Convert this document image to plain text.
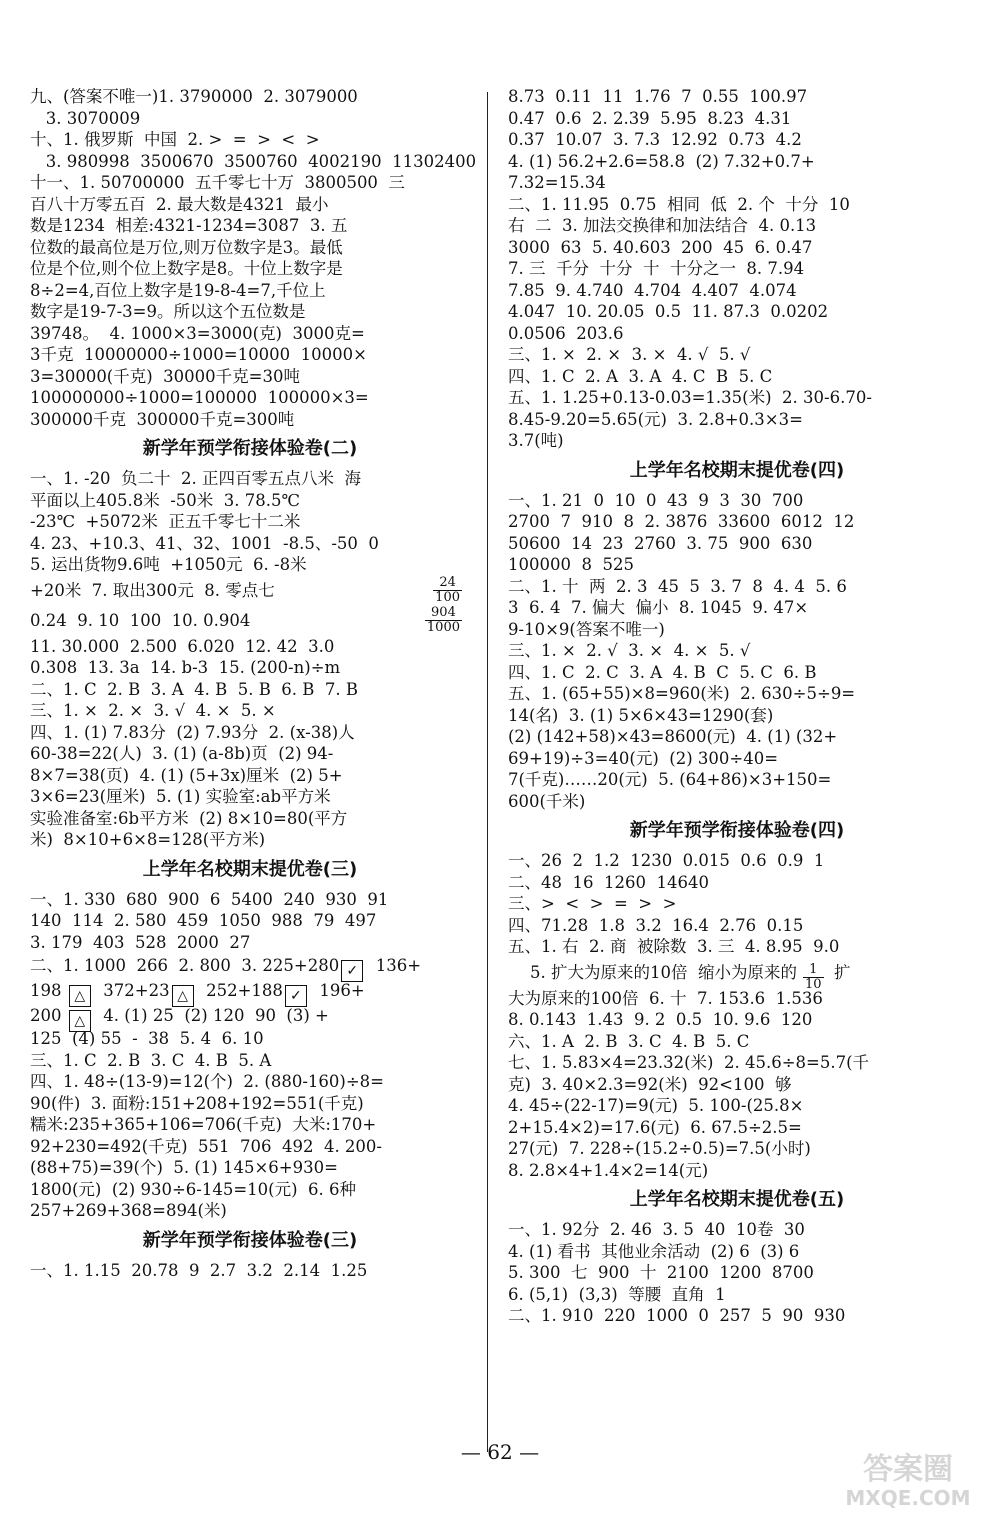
九、(答案不唯一)1. 3790000  2. 3079000
3. 3070009
十、1. 俄罗斯  中国  2. >  =  >  <  >
3. 980998  3500670  3500760  4002190  11302400
十一、1. 50700000  五千零七十万  3800500  三
百八十万零五百  2. 最大数是4321  最小
数是1234  相差:4321-1234=3087  3. 五
位数的最高位是万位,则万位数字是3。最低
位是个位,则个位上数字是8。十位上数字是
8÷2=4,百位上数字是19-8-4=7,千位上
数字是19-7-3=9。所以这个五位数是
39748。  4. 1000×3=3000(克)  3000克=
3千克  10000000÷1000=10000  10000×
3=30000(千克)  30000千克=30吨
100000000÷1000=100000  100000×3=
300000千克  300000千克=300吨
新学年预学衔接体验卷(二)
一、1. -20  负二十  2. 正四百零五点八米  海
平面以上405.8米  -50米  3. 78.5℃
-23℃  +5072米  正五千零七十二米
4. 23、+10.3、41、32、1001  -8.5、-50  0
5. 运出货物9.6吨  +1050元  6. -8米
+20米  7. 取出300元  8. 零点七	$\frac{24}{100}$
0.24  9. 10  100  10. 0.904	$\frac{904}{1000}$
11. 30.000  2.500  6.020  12. 42  3.0
0.308  13. 3a  14. b-3  15. (200-n)÷m
二、1. C  2. B  3. A  4. B  5. B  6. B  7. B
三、1. ×  2. ×  3. √  4. ×  5. ×
四、1. (1) 7.83分  (2) 7.93分  2. (x-38)人
60-38=22(人)  3. (1) (a-8b)页  (2) 94-
8×7=38(页)  4. (1) (5+3x)厘米  (2) 5+
3×6=23(厘米)  5. (1) 实验室:ab平方米
实验准备室:6b平方米  (2) 8×10=80(平方
米)  8×10+6×8=128(平方米)
上学年名校期末提优卷(三)
一、1. 330  680  900  6  5400  240  930  91
140  114  2. 580  459  1050  988  79  497
3. 179  403  528  2000  27
二、1. 1000  266  2. 800  3. 225+280 ✓ 136+
198 △ 372+23 △ 252+188 ✓ 196+
200 △ 4. (1) 25  (2) 120  90  (3) +
125  (4) 55  -  38  5. 4  6. 10
三、1. C  2. B  3. C  4. B  5. A
四、1. 48÷(13-9)=12(个)  2. (880-160)÷8=
90(件)  3. 面粉:151+208+192=551(千克)
糯米:235+365+106=706(千克)  大米:170+
92+230=492(千克)  551  706  492  4. 200-
(88+75)=39(个)  5. (1) 145×6+930=
1800(元)  (2) 930÷6-145=10(元)  6. 6种
257+269+368=894(米)
新学年预学衔接体验卷(三)
一、1. 1.15  20.78  9  2.7  3.2  2.14  1.25
8.73  0.11  11  1.76  7  0.55  100.97
0.47  0.6  2. 2.39  5.95  8.23  4.31
0.37  10.07  3. 7.3  12.92  0.73  4.2
4. (1) 56.2+2.6=58.8  (2) 7.32+0.7+
7.32=15.34
二、1. 11.95  0.75  相同  低  2. 个  十分  10
右  二  3. 加法交换律和加法结合  4. 0.13
3000  63  5. 40.603  200  45  6. 0.47
7. 三  千分  十分  十  十分之一  8. 7.94
7.85  9. 4.740  4.704  4.407  4.074
4.047  10. 20.05  0.5  11. 87.3  0.0202
0.0506  203.6
三、1. ×  2. ×  3. ×  4. √  5. √
四、1. C  2. A  3. A  4. C  B  5. C
五、1. 1.25+0.13-0.03=1.35(米)  2. 30-6.70-
8.45-9.20=5.65(元)  3. 2.8+0.3×3=
3.7(吨)
上学年名校期末提优卷(四)
一、1. 21  0  10  0  43  9  3  30  700
2700  7  910  8  2. 3876  33600  6012  12
50600  14  23  2760  3. 75  900  630
100000  8  525
二、1. 十  两  2. 3  45  5  3. 7  8  4. 4  5. 6
3  6. 4  7. 偏大  偏小  8. 1045  9. 47×
9-10×9(答案不唯一)
三、1. ×  2. √  3. ×  4. ×  5. √
四、1. C  2. C  3. A  4. B  C  5. C  6. B
五、1. (65+55)×8=960(米)  2. 630÷5÷9=
14(名)  3. (1) 5×6×43=1290(套)
(2) (142+58)×43=8600(元)  4. (1) (32+
69+19)÷3=40(元)  (2) 300÷40=
7(千克)……20(元)  5. (64+86)×3+150=
600(千米)
新学年预学衔接体验卷(四)
一、26  2  1.2  1230  0.015  0.6  0.9  1
二、48  16  1260  14640
三、>  <  >  =  >  >
四、71.28  1.8  3.2  16.4  2.76  0.15
五、1. 右  2. 商  被除数  3. 三  4. 8.95  9.0
5. 扩大为原来的10倍  缩小为原来的 $\frac{1}{10}$ 扩
大为原来的100倍  6. 十  7. 153.6  1.536
8. 0.143  1.43  9. 2  0.5  10. 9.6  120
六、1. A  2. B  3. C  4. B  5. C
七、1. 5.83×4=23.32(米)  2. 45.6÷8=5.7(千
克)  3. 40×2.3=92(米)  92<100  够
4. 45÷(22-17)=9(元)  5. 100-(25.8×
2+15.4×2)=17.6(元)  6. 67.5÷2.5=
27(元)  7. 228÷(15.2÷0.5)=7.5(小时)
8. 2.8×4+1.4×2=14(元)
上学年名校期末提优卷(五)
一、1. 92分  2. 46  3. 5  40  10卷  30
4. (1) 看书  其他业余活动  (2) 6  (3) 6
5. 300  七  900  十  2100  1200  8700
6. (5,1)  (3,3)  等腰  直角  1
二、1. 910  220  1000  0  257  5  90  930
— 62 —	答案圈
MXQE.COM
